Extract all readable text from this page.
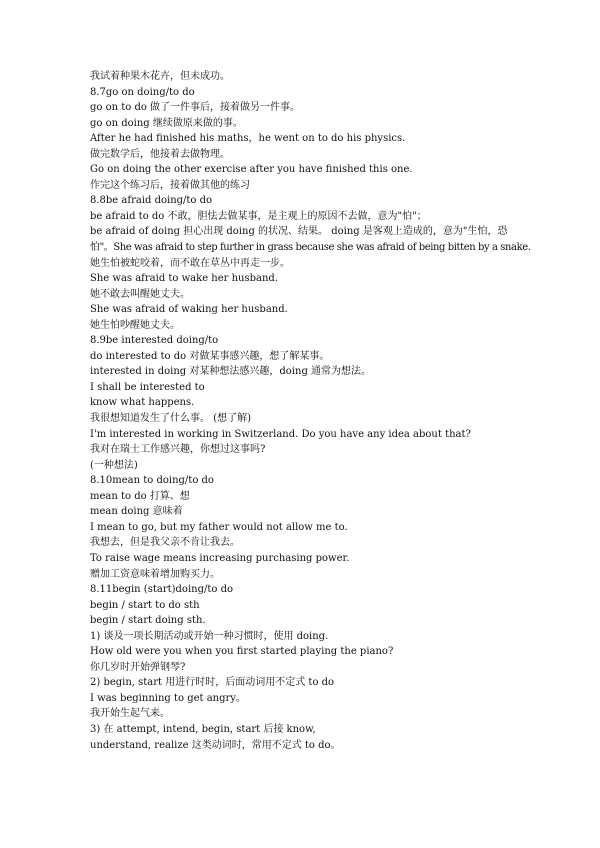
我试着种果木花卉，但未成功。
8.7go on doing/to do
go on to do 做了一件事后，接着做另一件事。
go on doing 继续做原来做的事。
After he had finished his maths，he went on to do his physics.
做完数学后，他接着去做物理。
Go on doing the other exercise after you have finished this one.
作完这个练习后，接着做其他的练习
8.8be afraid doing/to do
be afraid to do 不敢，胆怯去做某事，是主观上的原因不去做，意为"怕"；
be afraid of doing 担心出现 doing 的状况、结果。 doing 是客观上造成的，意为"生怕，恐
怕"。She was afraid to step further in grass because she was afraid of being bitten by a snake.
她生怕被蛇咬着，而不敢在草丛中再走一步。
She was afraid to wake her husband.
她不敢去叫醒她丈夫。
She was afraid of waking her husband.
她生怕吵醒她丈夫。
8.9be interested doing/to
do interested to do 对做某事感兴趣，想了解某事。
interested in doing 对某种想法感兴趣，doing 通常为想法。
I shall be interested to
know what happens.
我很想知道发生了什么事。 (想了解)
I'm interested in working in Switzerland. Do you have any idea about that?
我对在瑞士工作感兴趣，你想过这事吗?
(一种想法)
8.10mean to doing/to do
mean to do 打算、想
mean doing 意味着
I mean to go, but my father would not allow me to.
我想去，但是我父亲不肯让我去。
To raise wage means increasing purchasing power.
赠加工资意味着增加购买力。
8.11begin (start)doing/to do
begin / start to do sth
begin / start doing sth.
1) 谈及一项长期活动或开始一种习惯时，使用 doing.
How old were you when you first started playing the piano?
你几岁时开始弹钢琴?
2) begin, start 用进行时时，后面动词用不定式 to do
I was beginning to get angry。
我开始生起气来。
3) 在 attempt, intend, begin, start 后接 know,
understand, realize 这类动词时，常用不定式 to do。
